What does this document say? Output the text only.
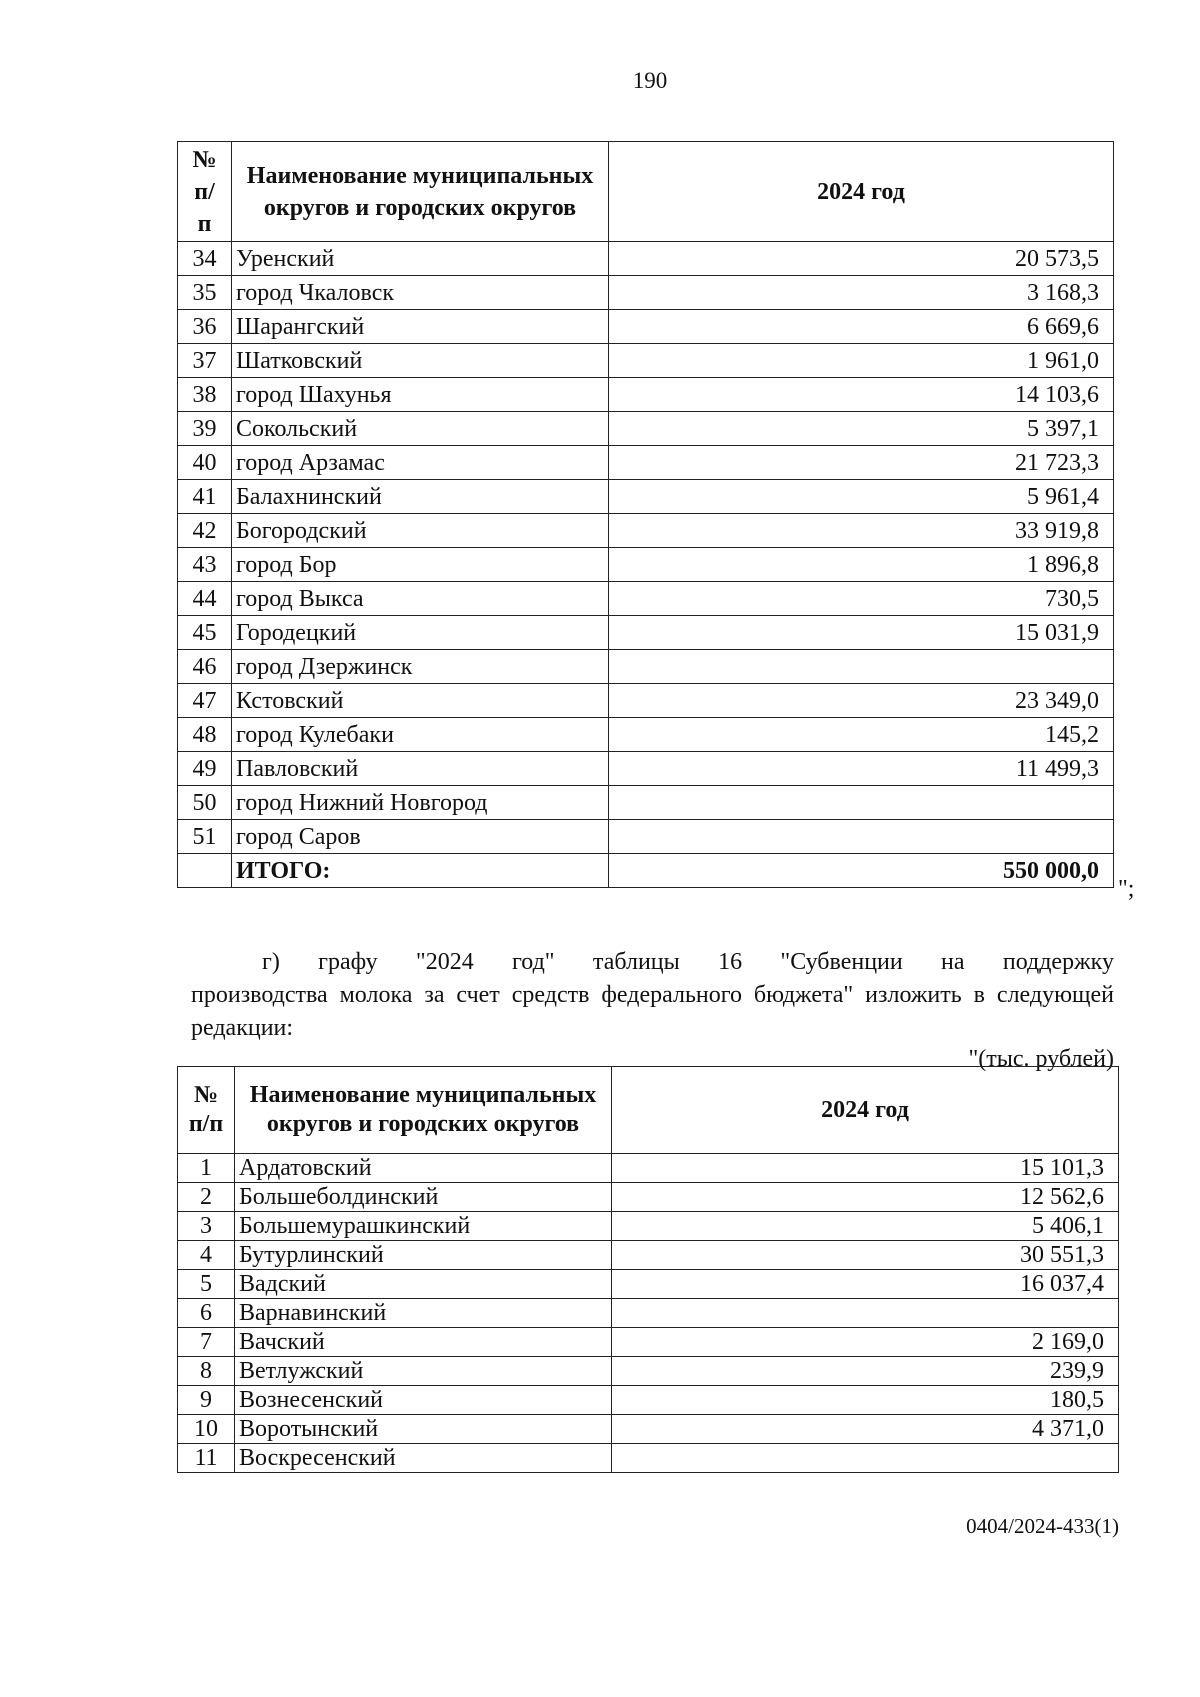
190
№ п/п	Наименование муниципальных округов и городских округов	2024 год
34	Уренский	20 573,5
35	город Чкаловск	3 168,3
36	Шарангский	6 669,6
37	Шатковский	1 961,0
38	город Шахунья	14 103,6
39	Сокольский	5 397,1
40	город Арзамас	21 723,3
41	Балахнинский	5 961,4
42	Богородский	33 919,8
43	город Бор	1 896,8
44	город Выкса	730,5
45	Городецкий	15 031,9
46	город Дзержинск	
47	Кстовский	23 349,0
48	город Кулебаки	145,2
49	Павловский	11 499,3
50	город Нижний Новгород	
51	город Саров	
	ИТОГО:	550 000,0
";
г) графу "2024 год" таблицы 16 "Субвенции на поддержку
производства молока за счет средств федерального бюджета" изложить в следующей редакции:
"(тыс. рублей)
№ п/п	Наименование муниципальных округов и городских округов	2024 год
1	Ардатовский	15 101,3
2	Большеболдинский	12 562,6
3	Большемурашкинский	5 406,1
4	Бутурлинский	30 551,3
5	Вадский	16 037,4
6	Варнавинский	
7	Вачский	2 169,0
8	Ветлужский	239,9
9	Вознесенский	180,5
10	Воротынский	4 371,0
11	Воскресенский	
0404/2024-433(1)
